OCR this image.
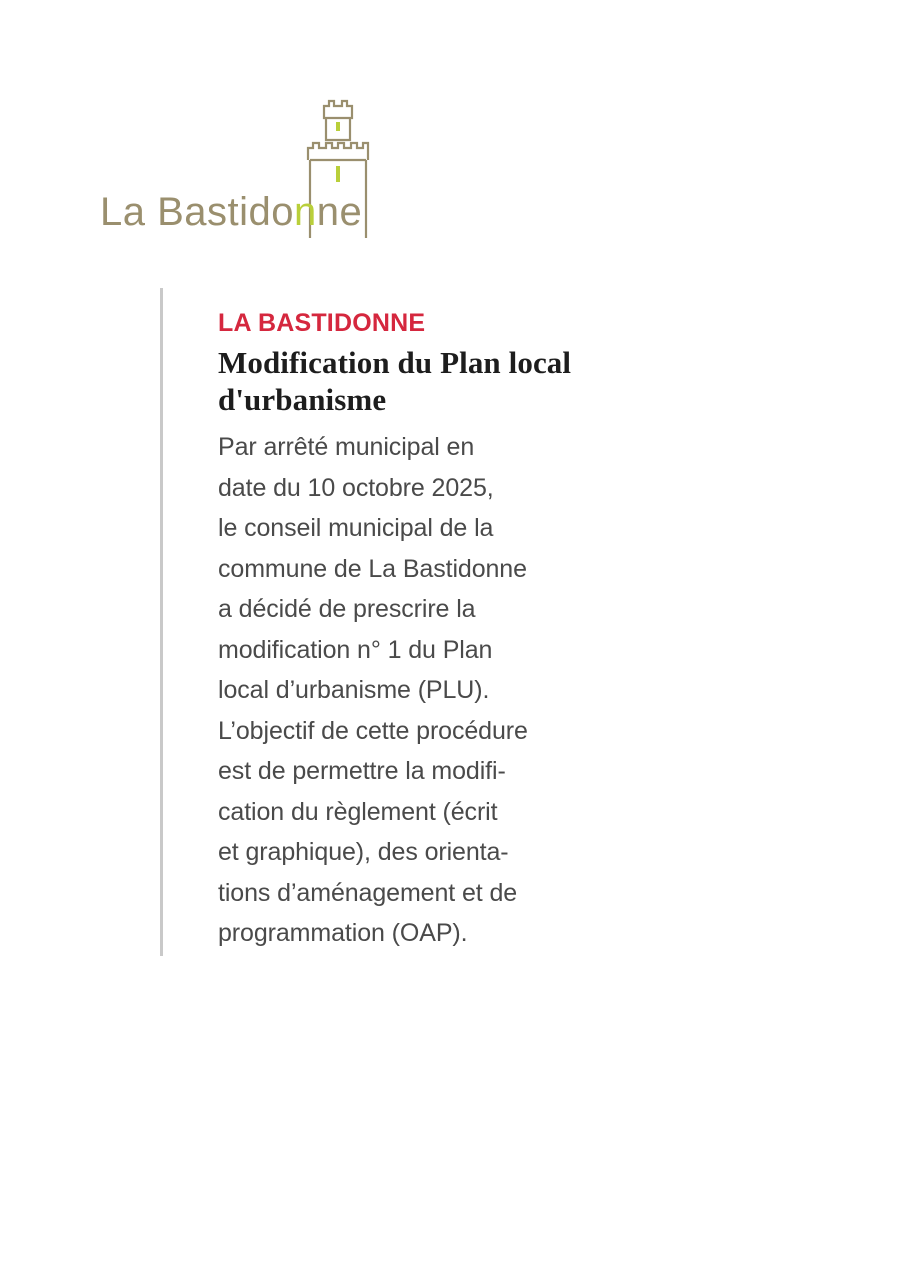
La Bastidonne

LA BASTIDONNE

Modification du Plan local d'urbanisme

Par arrêté municipal en
date du 10 octobre 2025,
le conseil municipal de la
commune de La Bastidonne
a décidé de prescrire la
modification n° 1 du Plan
local d’urbanisme (PLU).
L’objectif de cette procédure
est de permettre la modifi-
cation du règlement (écrit
et graphique), des orienta-
tions d’aménagement et de
programmation (OAP).
